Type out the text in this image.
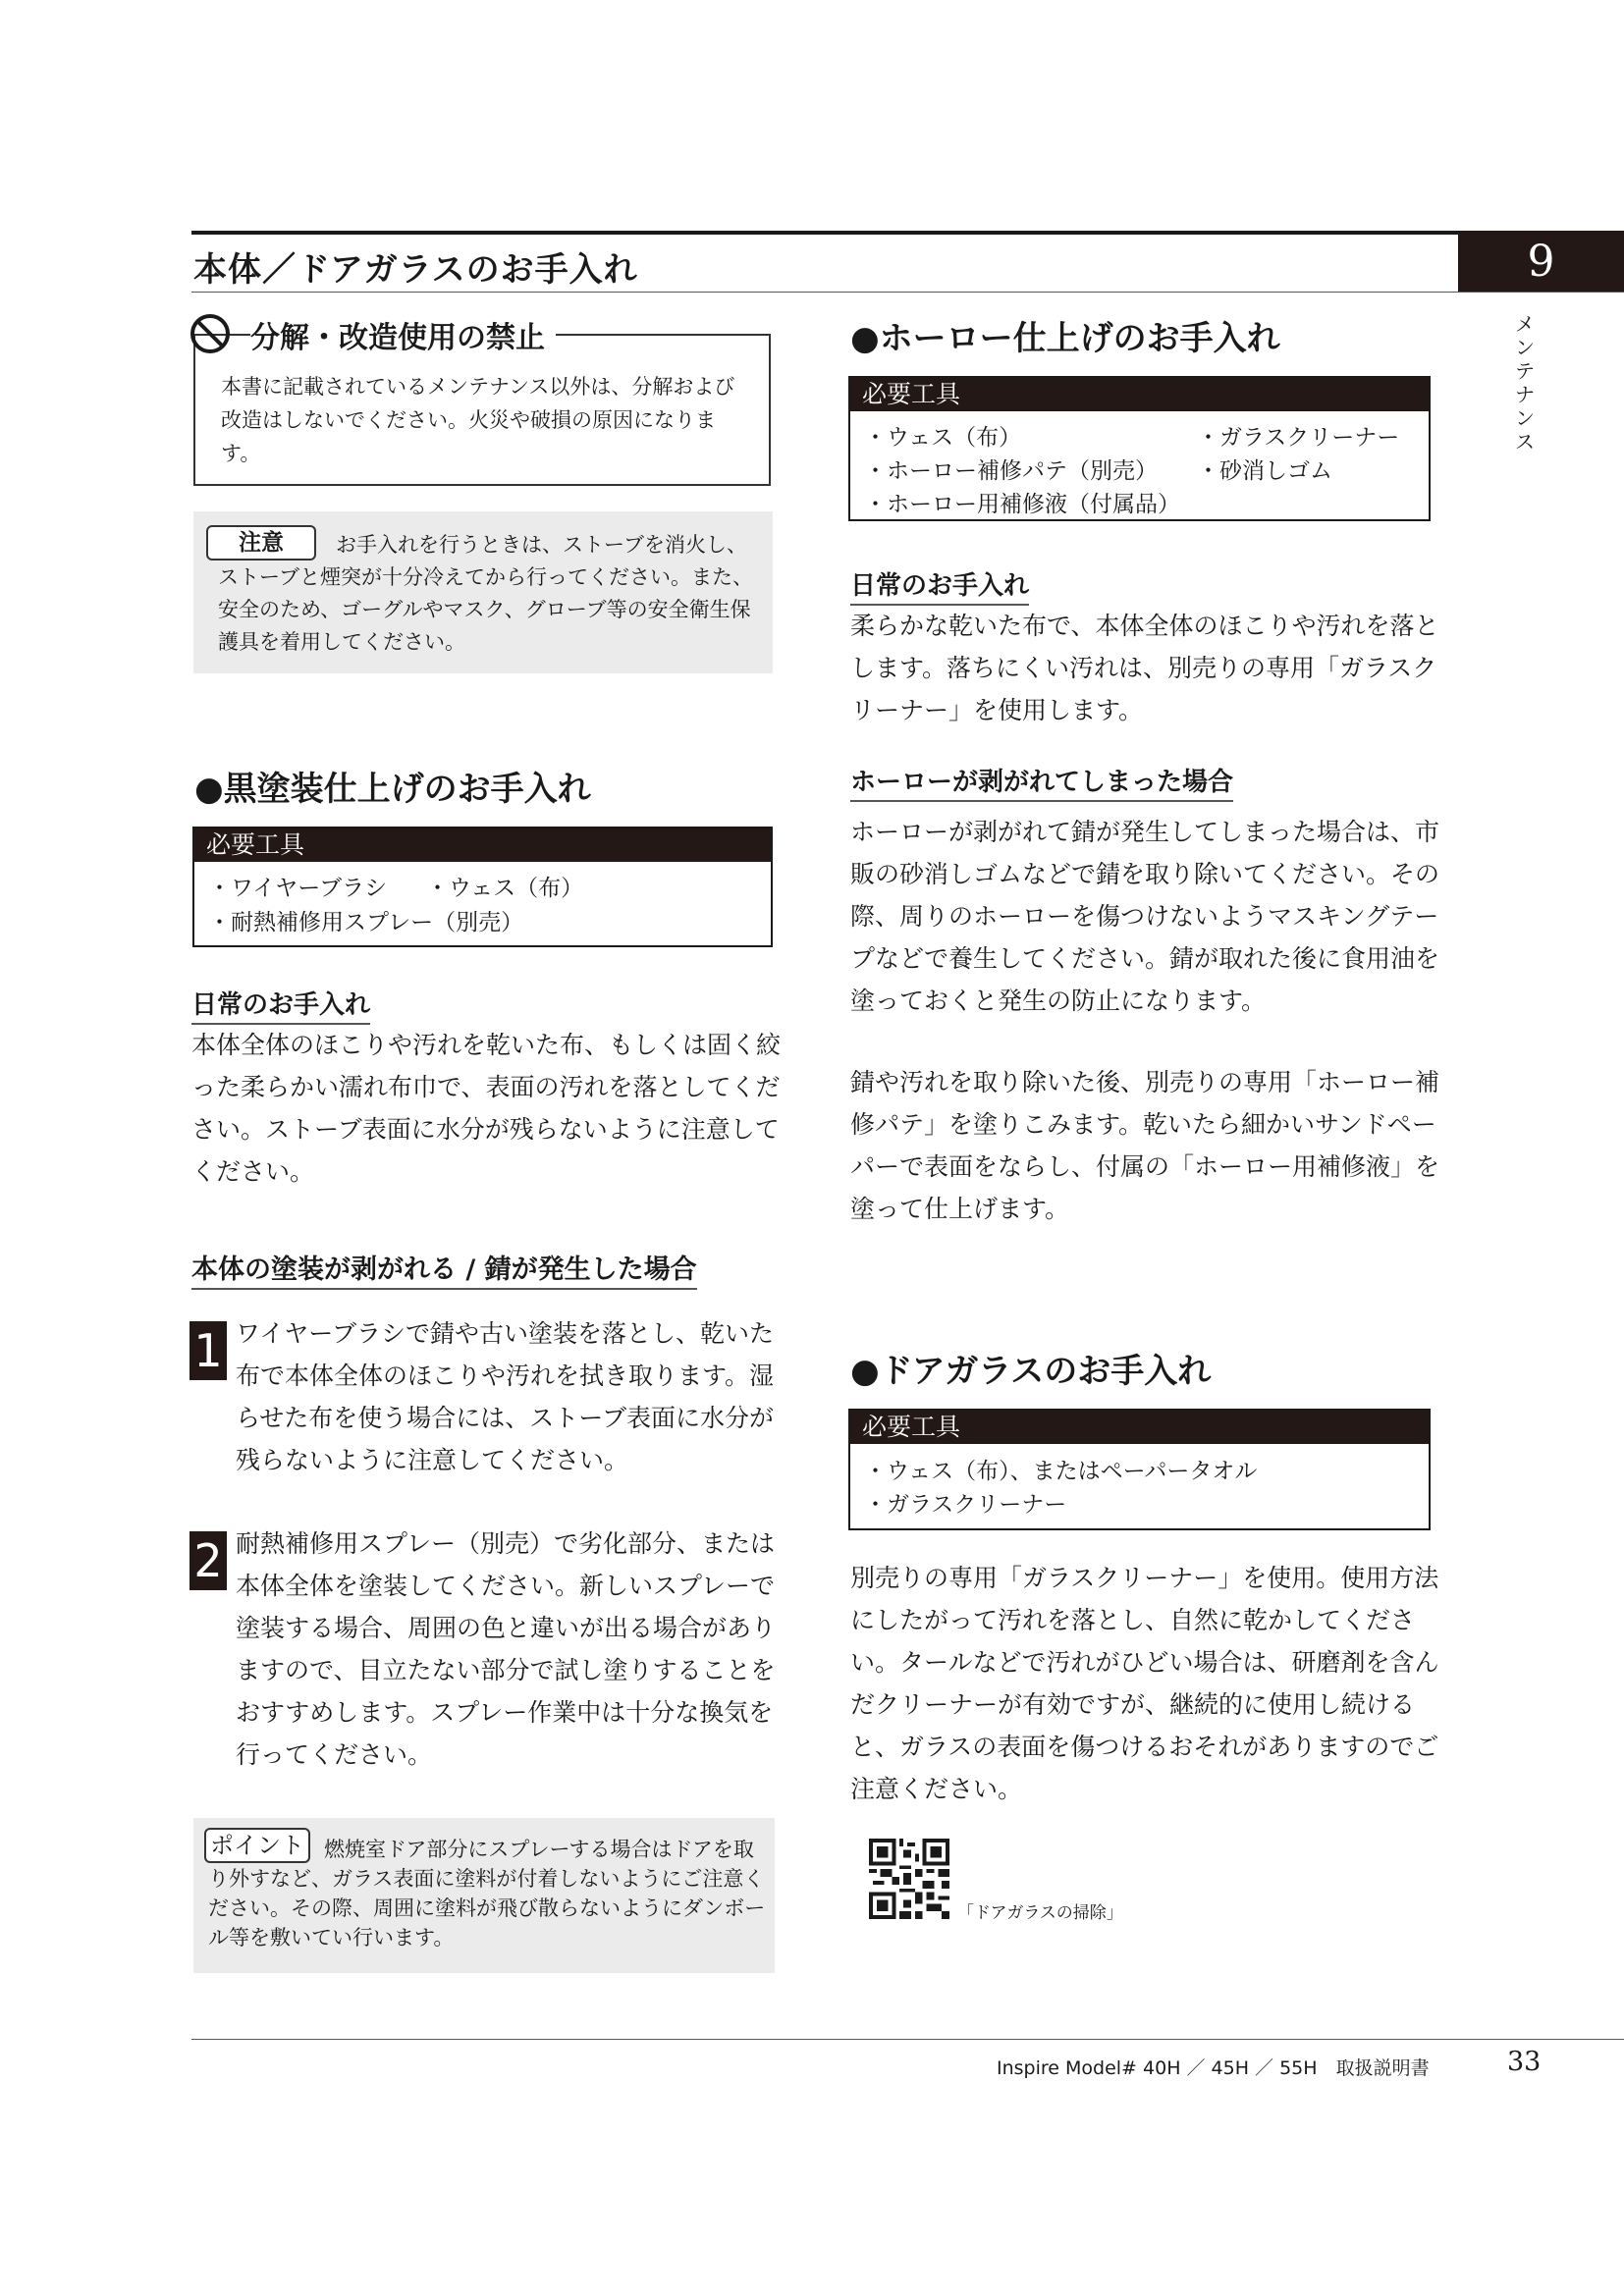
本体／ドアガラスのお手入れ	9
メ
ン
テ
ナ
ン
ス
分解・改造使用の禁止
本書に記載されているメンテナンス以外は、分解および改造はしないでください。火災や破損の原因になります。
お手入れを行うときは、ストーブを消火し、ストーブと煙突が十分冷えてから行ってください。また、安全のため、ゴーグルやマスク、グローブ等の安全衛生保護具を着用してください。
注意
●黒塗装仕上げのお手入れ
必要工具
・ワイヤーブラシ ・ウェス（布）
・耐熱補修用スプレー（別売）
日常のお手入れ
本体全体のほこりや汚れを乾いた布、もしくは固く絞った柔らかい濡れ布巾で、表面の汚れを落としてください。ストーブ表面に水分が残らないように注意してください。
本体の塗装が剥がれる / 錆が発生した場合
1 ワイヤーブラシで錆や古い塗装を落とし、乾いた布で本体全体のほこりや汚れを拭き取ります。湿らせた布を使う場合には、ストーブ表面に水分が残らないように注意してください。
2 耐熱補修用スプレー（別売）で劣化部分、または本体全体を塗装してください。新しいスプレーで塗装する場合、周囲の色と違いが出る場合がありますので、目立たない部分で試し塗りすることをおすすめします。スプレー作業中は十分な換気を行ってください。
燃焼室ドア部分にスプレーする場合はドアを取り外すなど、ガラス表面に塗料が付着しないようにご注意ください。その際、周囲に塗料が飛び散らないようにダンボール等を敷いてい行います。
ポイント
●ホーロー仕上げのお手入れ
必要工具
・ウェス（布）	・ガラスクリーナー
・ホーロー補修パテ（別売） ・砂消しゴム
・ホーロー用補修液（付属品）
日常のお手入れ
柔らかな乾いた布で、本体全体のほこりや汚れを落とします。落ちにくい汚れは、別売りの専用「ガラスクリーナー」を使用します。
ホーローが剥がれてしまった場合
ホーローが剥がれて錆が発生してしまった場合は、市販の砂消しゴムなどで錆を取り除いてください。その際、周りのホーローを傷つけないようマスキングテープなどで養生してください。錆が取れた後に食用油を塗っておくと発生の防止になります。
錆や汚れを取り除いた後、別売りの専用「ホーロー補修パテ」を塗りこみます。乾いたら細かいサンドペーパーで表面をならし、付属の「ホーロー用補修液」を塗って仕上げます。
●ドアガラスのお手入れ
必要工具
・ウェス（布）、またはペーパータオル
・ガラスクリーナー
別売りの専用「ガラスクリーナー」を使用。使用方法にしたがって汚れを落とし、自然に乾かしてください。タールなどで汚れがひどい場合は、研磨剤を含んだクリーナーが有効ですが、継続的に使用し続けると、ガラスの表面を傷つけるおそれがありますのでご注意ください。
「ドアガラスの掃除」
Inspire Model# 40H ／ 45H ／ 55H　取扱説明書	33
